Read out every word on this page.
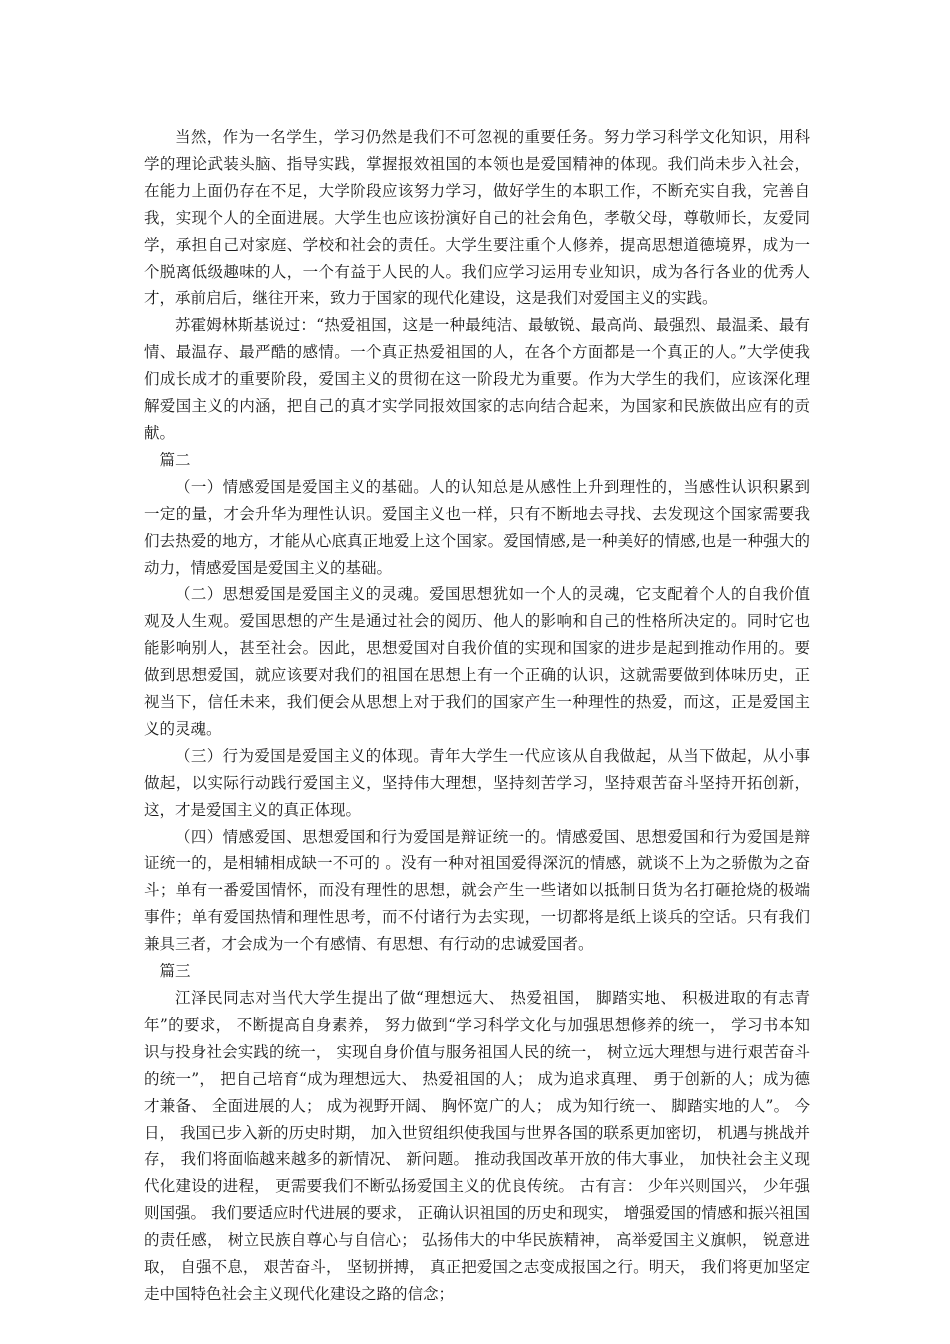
当然，作为一名学生，学习仍然是我们不可忽视的重要任务。努力学习科学文化知识，用科学的理论武装头脑、指导实践，掌握报效祖国的本领也是爱国精神的体现。我们尚未步入社会，在能力上面仍存在不足，大学阶段应该努力学习，做好学生的本职工作，不断充实自我，完善自我，实现个人的全面进展。大学生也应该扮演好自己的社会角色，孝敬父母，尊敬师长，友爱同学，承担自己对家庭、学校和社会的责任。大学生要注重个人修养，提高思想道德境界，成为一个脱离低级趣味的人，一个有益于人民的人。我们应学习运用专业知识，成为各行各业的优秀人才，承前启后，继往开来，致力于国家的现代化建设，这是我们对爱国主义的实践。

苏霍姆林斯基说过：“热爱祖国，这是一种最纯洁、最敏锐、最高尚、最强烈、最温柔、最有情、最温存、最严酷的感情。一个真正热爱祖国的人，在各个方面都是一个真正的人。”大学使我们成长成才的重要阶段，爱国主义的贯彻在这一阶段尤为重要。作为大学生的我们，应该深化理解爱国主义的内涵，把自己的真才实学同报效国家的志向结合起来，为国家和民族做出应有的贡献。

篇二

（一）情感爱国是爱国主义的基础。人的认知总是从感性上升到理性的，当感性认识积累到一定的量，才会升华为理性认识。爱国主义也一样，只有不断地去寻找、去发现这个国家需要我们去热爱的地方，才能从心底真正地爱上这个国家。爱国情感,是一种美好的情感,也是一种强大的动力，情感爱国是爱国主义的基础。

（二）思想爱国是爱国主义的灵魂。爱国思想犹如一个人的灵魂，它支配着个人的自我价值观及人生观。爱国思想的产生是通过社会的阅历、他人的影响和自己的性格所决定的。同时它也能影响别人，甚至社会。因此，思想爱国对自我价值的实现和国家的进步是起到推动作用的。要做到思想爱国，就应该要对我们的祖国在思想上有一个正确的认识，这就需要做到体味历史，正视当下，信任未来，我们便会从思想上对于我们的国家产生一种理性的热爱，而这，正是爱国主义的灵魂。

（三）行为爱国是爱国主义的体现。青年大学生一代应该从自我做起，从当下做起，从小事做起，以实际行动践行爱国主义，坚持伟大理想，坚持刻苦学习，坚持艰苦奋斗坚持开拓创新，这，才是爱国主义的真正体现。

（四）情感爱国、思想爱国和行为爱国是辩证统一的。情感爱国、思想爱国和行为爱国是辩证统一的，是相辅相成缺一不可的 。没有一种对祖国爱得深沉的情感，就谈不上为之骄傲为之奋斗；单有一番爱国情怀，而没有理性的思想，就会产生一些诸如以抵制日货为名打砸抢烧的极端事件；单有爱国热情和理性思考，而不付诸行为去实现，一切都将是纸上谈兵的空话。只有我们兼具三者，才会成为一个有感情、有思想、有行动的忠诚爱国者。

篇三

江泽民同志对当代大学生提出了做“理想远大、 热爱祖国， 脚踏实地、 积极进取的有志青年”的要求， 不断提高自身素养， 努力做到“学习科学文化与加强思想修养的统一， 学习书本知识与投身社会实践的统一， 实现自身价值与服务祖国人民的统一， 树立远大理想与进行艰苦奋斗的统一”， 把自己培育“成为理想远大、 热爱祖国的人； 成为追求真理、 勇于创新的人；成为德才兼备、 全面进展的人； 成为视野开阔、 胸怀宽广的人； 成为知行统一、 脚踏实地的人”。 今日， 我国已步入新的历史时期， 加入世贸组织使我国与世界各国的联系更加密切， 机遇与挑战并存， 我们将面临越来越多的新情况、 新问题。 推动我国改革开放的伟大事业， 加快社会主义现代化建设的进程， 更需要我们不断弘扬爱国主义的优良传统。 古有言： 少年兴则国兴， 少年强则国强。 我们要适应时代进展的要求， 正确认识祖国的历史和现实， 增强爱国的情感和振兴祖国的责任感， 树立民族自尊心与自信心； 弘扬伟大的中华民族精神， 高举爱国主义旗帜， 锐意进取， 自强不息， 艰苦奋斗， 坚韧拼搏， 真正把爱国之志变成报国之行。明天， 我们将更加坚定走中国特色社会主义现代化建设之路的信念；
